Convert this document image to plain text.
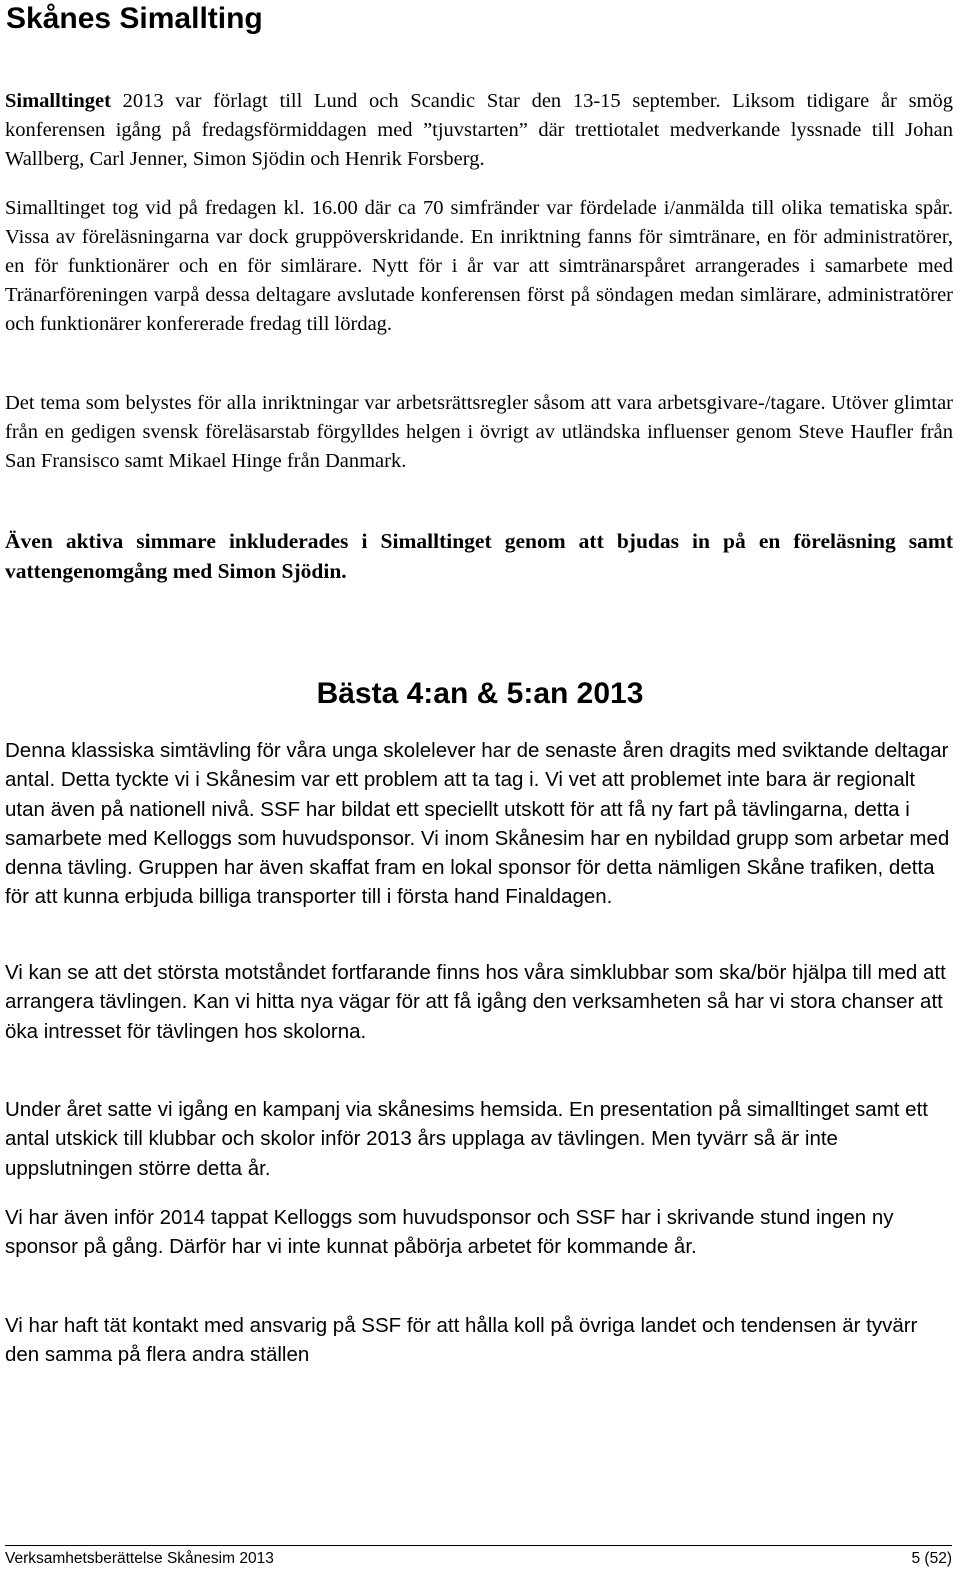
Skånes Simallting

Simalltinget 2013 var förlagt till Lund och Scandic Star den 13-15 september. Liksom tidigare år smög konferensen igång på fredagsförmiddagen med ”tjuvstarten” där trettiotalet medverkande lyssnade till Johan Wallberg, Carl Jenner, Simon Sjödin och Henrik Forsberg.

Simalltinget tog vid på fredagen kl. 16.00 där ca 70 simfränder var fördelade i/anmälda till olika tematiska spår. Vissa av föreläsningarna var dock gruppöverskridande. En inriktning fanns för simtränare, en för administratörer, en för funktionärer och en för simlärare. Nytt för i år var att simtränarspåret arrangerades i samarbete med Tränarföreningen varpå dessa deltagare avslutade konferensen först på söndagen medan simlärare, administratörer och funktionärer konfererade fredag till lördag.

Det tema som belystes för alla inriktningar var arbetsrättsregler såsom att vara arbetsgivare-/tagare. Utöver glimtar från en gedigen svensk föreläsarstab förgylldes helgen i övrigt av utländska influenser genom Steve Haufler från San Fransisco samt Mikael Hinge från Danmark.

Även aktiva simmare inkluderades i Simalltinget genom att bjudas in på en föreläsning samt vattengenomgång med Simon Sjödin.

Bästa 4:an & 5:an 2013

Denna klassiska simtävling för våra unga skolelever har de senaste åren dragits med sviktande deltagar antal. Detta tyckte vi i Skånesim var ett problem att ta tag i. Vi vet att problemet inte bara är regionalt utan även på nationell nivå. SSF har bildat ett speciellt utskott för att få ny fart på tävlingarna, detta i samarbete med Kelloggs som huvudsponsor. Vi inom Skånesim har en nybildad grupp som arbetar med denna tävling. Gruppen har även skaffat fram en lokal sponsor för detta nämligen Skåne trafiken, detta för att kunna erbjuda billiga transporter till i första hand Finaldagen.

Vi kan se att det största motståndet fortfarande finns hos våra simklubbar som ska/bör hjälpa till med att arrangera tävlingen. Kan vi hitta nya vägar för att få igång den verksamheten så har vi stora chanser att öka intresset för tävlingen hos skolorna.

Under året satte vi igång en kampanj via skånesims hemsida. En presentation på simalltinget samt ett antal utskick till klubbar och skolor inför 2013 års upplaga av tävlingen. Men tyvärr så är inte uppslutningen större detta år.

Vi har även inför 2014 tappat Kelloggs som huvudsponsor och SSF har i skrivande stund ingen ny sponsor på gång. Därför har vi inte kunnat påbörja arbetet för kommande år.

Vi har haft tät kontakt med ansvarig på SSF för att hålla koll på övriga landet och tendensen är tyvärr den samma på flera andra ställen

Verksamhetsberättelse Skånesim 2013	5 (52)
